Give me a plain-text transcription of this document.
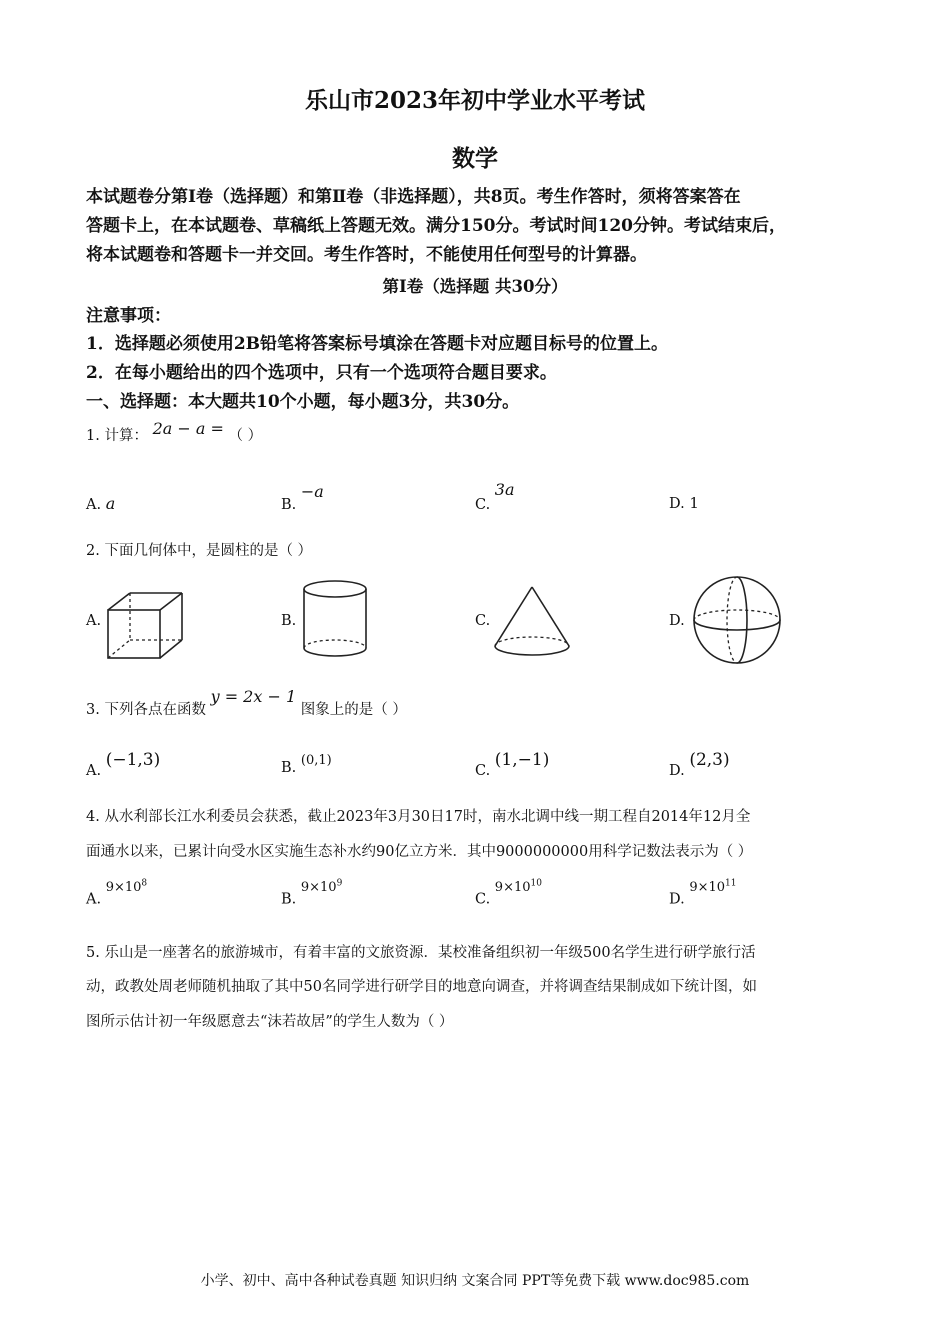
乐山市2023年初中学业水平考试
数学
本试题卷分第Ⅰ卷（选择题）和第Ⅱ卷（非选择题），共8页。考生作答时，须将答案答在
答题卡上，在本试题卷、草稿纸上答题无效。满分150分。考试时间120分钟。考试结束后，
将本试题卷和答题卡一并交回。考生作答时，不能使用任何型号的计算器。
第Ⅰ卷（选择题 共30分）
注意事项：
1．选择题必须使用2B铅笔将答案标号填涂在答题卡对应题目标号的位置上。
2．在每小题给出的四个选项中，只有一个选项符合题目要求。
一、选择题：本大题共10个小题，每小题3分，共30分。
1. 计算： 2a − a = （ ）
A. a	B. −a
C. 3a
D. 1
2. 下面几何体中，是圆柱的是（ ）
A.	B.	C.	D.
3. 下列各点在函数 y = 2x − 1 图象上的是（ ）
A. (−1,3)	B. (0,1)
C. (1,−1)
D. (2,3)
4. 从水利部长江水利委员会获悉，截止2023年3月30日17时，南水北调中线一期工程自2014年12月全
面通水以来，已累计向受水区实施生态补水约90亿立方米．其中9000000000用科学记数法表示为（ ）
A. $9\times 10^8$
B. $9\times 10^9$
C. $9\times 10^{10}$
D. $9\times 10^{11}$
5. 乐山是一座著名的旅游城市，有着丰富的文旅资源．某校准备组织初一年级500名学生进行研学旅行活
动，政教处周老师随机抽取了其中50名同学进行研学目的地意向调查，并将调查结果制成如下统计图，如
图所示估计初一年级愿意去“沫若故居”的学生人数为（ ）
小学、初中、高中各种试卷真题 知识归纳 文案合同 PPT等免费下载 www.doc985.com
